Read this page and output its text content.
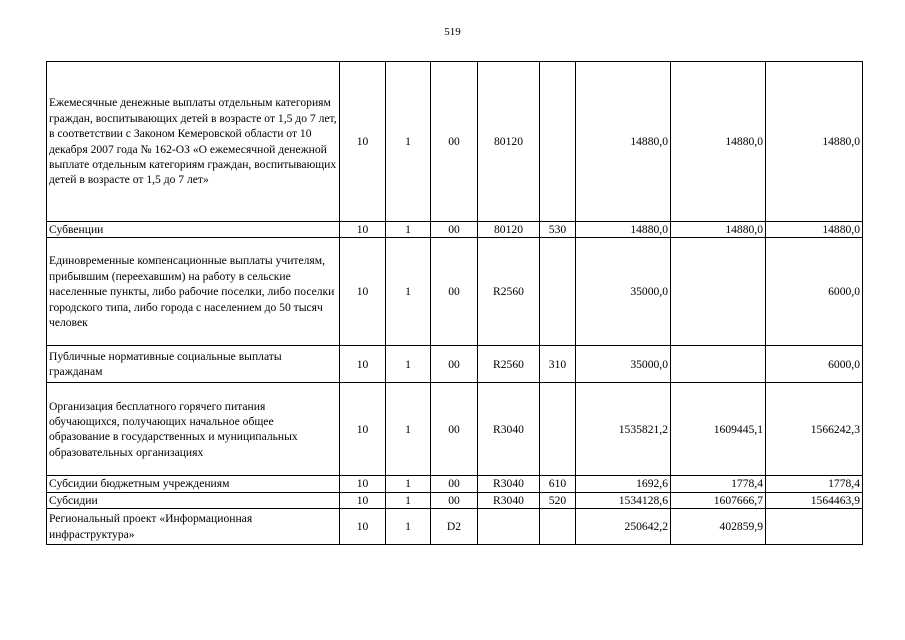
519
Ежемесячные денежные выплаты отдельным категориям граждан, воспитывающих детей в возрасте от 1,5 до 7 лет, в соответствии с Законом Кемеровской области от 10 декабря 2007 года № 162-ОЗ «О ежемесячной денежной выплате отдельным категориям граждан, воспитывающих детей в возрасте от 1,5 до 7 лет»	10	1	00	80120		14880,0	14880,0	14880,0
Субвенции	10	1	00	80120	530	14880,0	14880,0	14880,0
Единовременные компенсационные выплаты учителям, прибывшим (переехавшим) на работу в сельские населенные пункты, либо рабочие поселки, либо поселки городского типа, либо города с населением до 50 тысяч человек	10	1	00	R2560		35000,0		6000,0
Публичные нормативные социальные выплаты гражданам	10	1	00	R2560	310	35000,0		6000,0
Организация бесплатного горячего питания обучающихся, получающих начальное общее образование в государственных и муниципальных образовательных организациях	10	1	00	R3040		1535821,2	1609445,1	1566242,3
Субсидии бюджетным учреждениям	10	1	00	R3040	610	1692,6	1778,4	1778,4
Субсидии	10	1	00	R3040	520	1534128,6	1607666,7	1564463,9
Региональный проект «Информационная инфраструктура»	10	1	D2			250642,2	402859,9	
